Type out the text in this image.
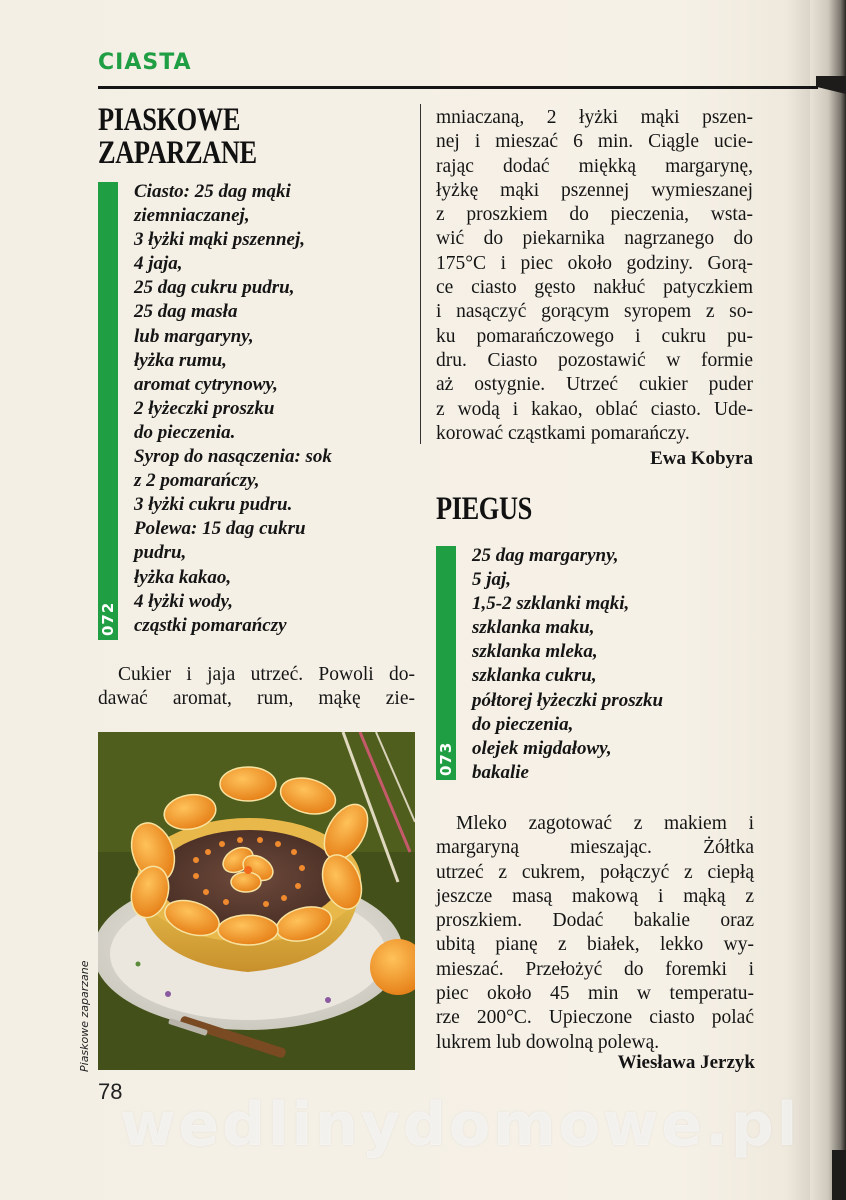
CIASTA
PIASKOWE
ZAPARZANE
072
Ciasto: 25 dag mąki
ziemniaczanej,
3 łyżki mąki pszennej,
4 jaja,
25 dag cukru pudru,
25 dag masła
lub margaryny,
łyżka rumu,
aromat cytrynowy,
2 łyżeczki proszku
do pieczenia.
Syrop do nasączenia: sok
z 2 pomarańczy,
3 łyżki cukru pudru.
Polewa: 15 dag cukru
pudru,
łyżka kakao,
4 łyżki wody,
cząstki pomarańczy
Cukier i jaja utrzeć. Powoli do-
dawać aromat, rum, mąkę zie-
Piaskowe zaparzane
mniaczaną, 2 łyżki mąki pszen-
nej i mieszać 6 min. Ciągle ucie-
rając dodać miękką margarynę,
łyżkę mąki pszennej wymieszanej
z proszkiem do pieczenia, wsta-
wić do piekarnika nagrzanego do
175°C i piec około godziny. Gorą-
ce ciasto gęsto nakłuć patyczkiem
i nasączyć gorącym syropem z so-
ku pomarańczowego i cukru pu-
dru. Ciasto pozostawić w formie
aż ostygnie. Utrzeć cukier puder
z wodą i kakao, oblać ciasto. Ude-
korować cząstkami pomarańczy.
Ewa Kobyra
PIEGUS
073
25 dag margaryny,
5 jaj,
1,5-2 szklanki mąki,
szklanka maku,
szklanka mleka,
szklanka cukru,
półtorej łyżeczki proszku
do pieczenia,
olejek migdałowy,
bakalie
Mleko zagotować z makiem i
margaryną mieszając. Żółtka
utrzeć z cukrem, połączyć z ciepłą
jeszcze masą makową i mąką z
proszkiem. Dodać bakalie oraz
ubitą pianę z białek, lekko wy-
mieszać. Przełożyć do foremki i
piec około 45 min w temperatu-
rze 200°C. Upieczone ciasto polać
lukrem lub dowolną polewą.
Wiesława Jerzyk
78
wedlinydomowe.pl
